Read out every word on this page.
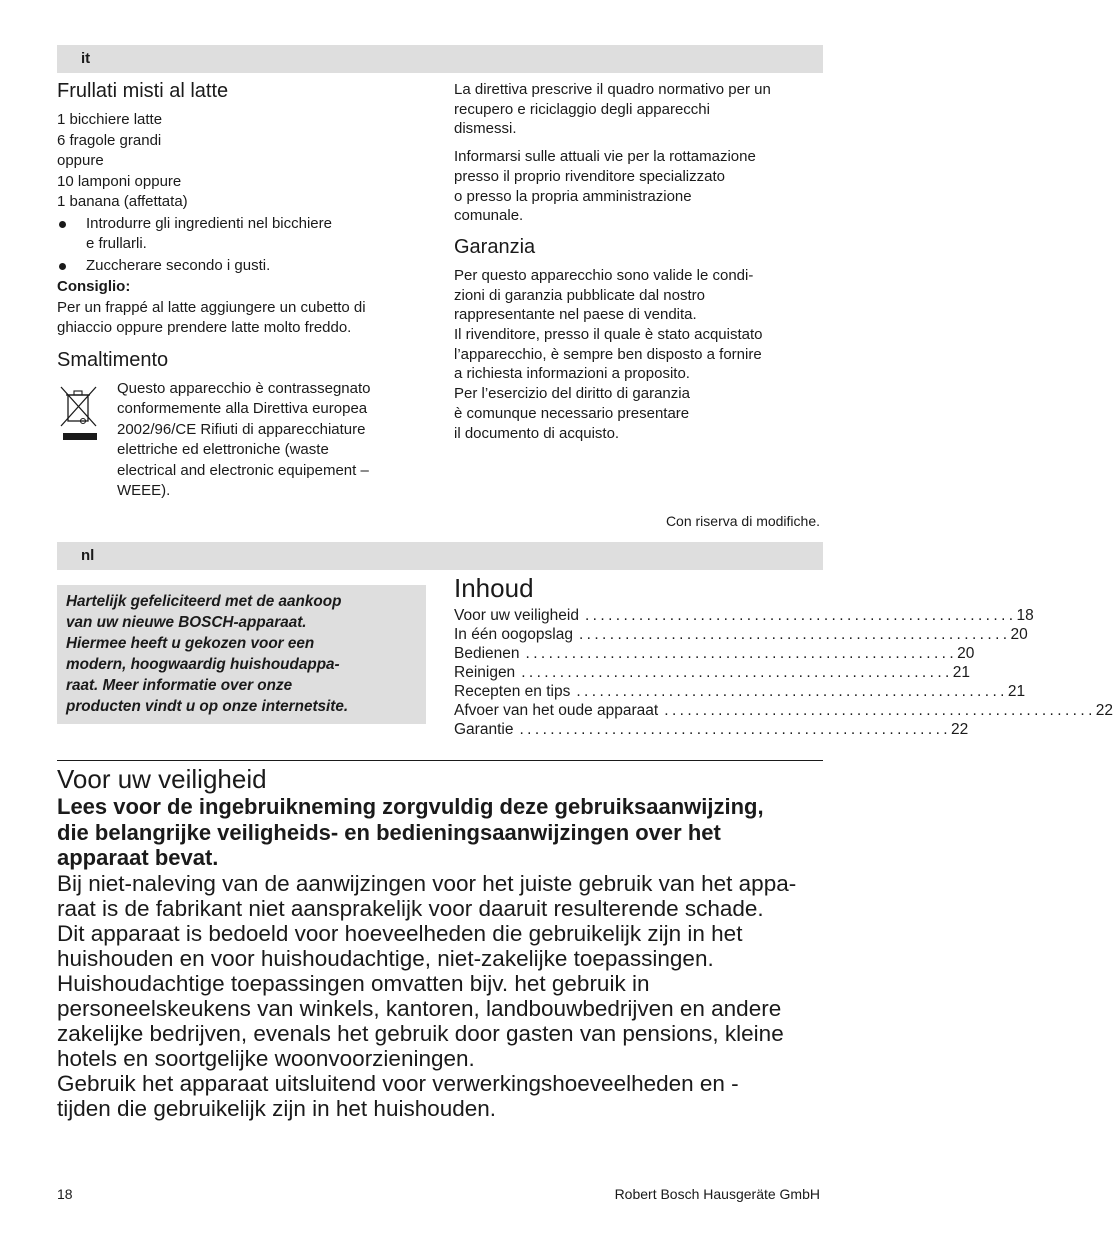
it
Frullati misti al latte
1 bicchiere latte
6 fragole grandi
oppure
10 lamponi oppure
1 banana (affettata)
Introdurre gli ingredienti nel bicchiere
e frullarli.
Zuccherare secondo i gusti.
Consiglio:
Per un frappé al latte aggiungere un cubetto di
ghiaccio oppure prendere latte molto freddo.
Smaltimento
Questo apparecchio è contrassegnato
conformemente alla Direttiva europea
2002/96/CE Rifiuti di apparecchiature
elettriche ed elettroniche (waste
electrical and electronic equipement –
WEEE).
La direttiva prescrive il quadro normativo per un
recupero e riciclaggio degli apparecchi
dismessi.
Informarsi sulle attuali vie per la rottamazione
presso il proprio rivenditore specializzato
o presso la propria amministrazione
comunale.
Garanzia
Per questo apparecchio sono valide le condi-
zioni di garanzia pubblicate dal nostro
rappresentante nel paese di vendita.
Il rivenditore, presso il quale è stato acquistato
l’apparecchio, è sempre ben disposto a fornire
a richiesta informazioni a proposito.
Per l’esercizio del diritto di garanzia
è comunque necessario presentare
il documento di acquisto.
Con riserva di modifiche.
nl
Hartelijk gefeliciteerd met de aankoop
van uw nieuwe BOSCH-apparaat.
Hiermee heeft u gekozen voor een
modern, hoogwaardig huishoudappa-
raat. Meer informatie over onze
producten vindt u op onze internetsite.
Inhoud
Voor uw veiligheid ........................................................ 18
In één oogopslag ........................................................ 20
Bedienen ........................................................ 20
Reinigen ........................................................ 21
Recepten en tips ........................................................ 21
Afvoer van het oude apparaat ........................................................ 22
Garantie ........................................................ 22
Voor uw veiligheid
Lees voor de ingebruikneming zorgvuldig deze gebruiksaanwijzing,
die belangrijke veiligheids- en bedieningsaanwijzingen over het
apparaat bevat.
Bij niet-naleving van de aanwijzingen voor het juiste gebruik van het appa-
raat is de fabrikant niet aansprakelijk voor daaruit resulterende schade.
Dit apparaat is bedoeld voor hoeveelheden die gebruikelijk zijn in het
huishouden en voor huishoudachtige, niet-zakelijke toepassingen.
Huishoudachtige toepassingen omvatten bijv. het gebruik in
personeelskeukens van winkels, kantoren, landbouwbedrijven en andere
zakelijke bedrijven, evenals het gebruik door gasten van pensions, kleine
hotels en soortgelijke woonvoorzieningen.
Gebruik het apparaat uitsluitend voor verwerkingshoeveelheden en -
tijden die gebruikelijk zijn in het huishouden.
18	Robert Bosch Hausgeräte GmbH
